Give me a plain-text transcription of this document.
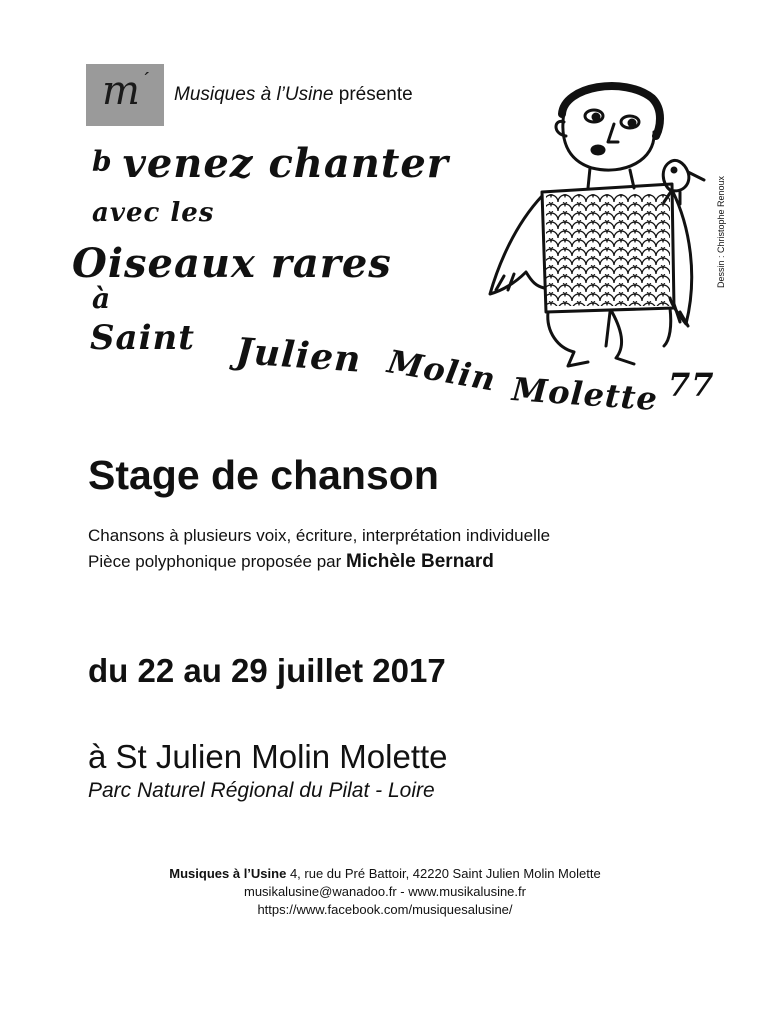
m ´
Musiques à l’Usine présente
b venez chanter
avec les
Oiseaux rares
à
Saint Julien Molin Molette 77
Dessin : Christophe Renoux
Stage de chanson
Chansons à plusieurs voix, écriture, interprétation individuelle
Pièce polyphonique proposée par Michèle Bernard
du 22 au 29 juillet 2017
à St Julien Molin Molette
Parc Naturel Régional du Pilat - Loire
Musiques à l’Usine 4, rue du Pré Battoir, 42220 Saint Julien Molin Molette
musikalusine@wanadoo.fr - www.musikalusine.fr
https://www.facebook.com/musiquesalusine/
